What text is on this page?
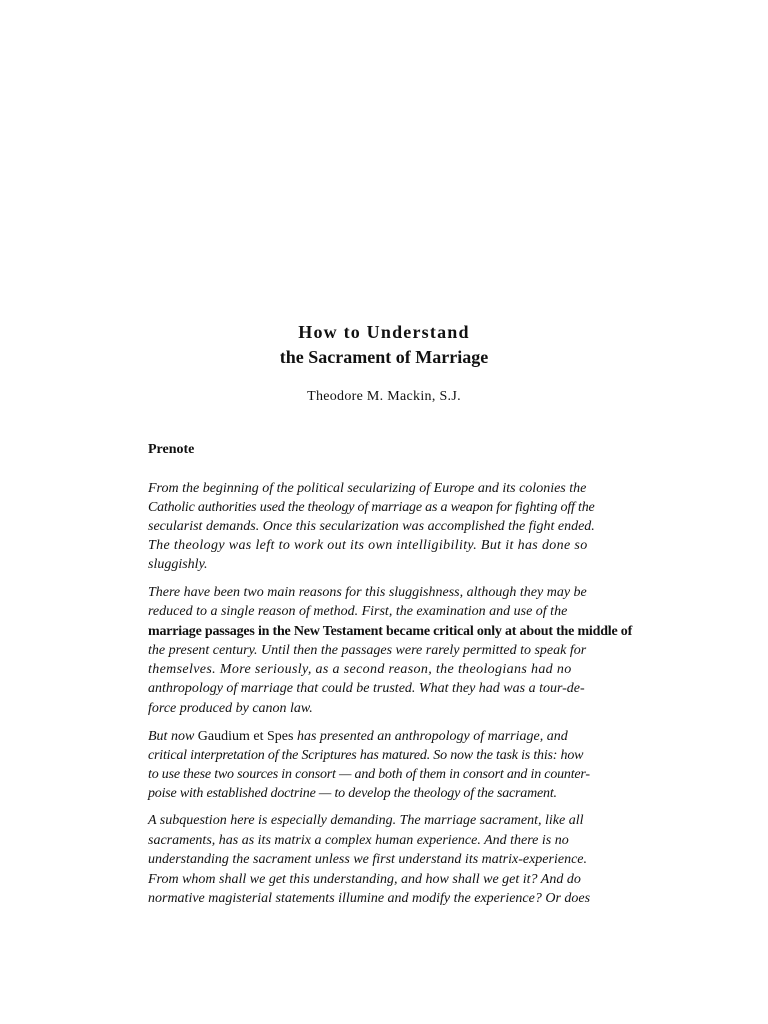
How to Understand
the Sacrament of Marriage

Theodore M. Mackin, S.J.

Prenote

From the beginning of the political secularizing of Europe and its colonies the
Catholic authorities used the theology of marriage as a weapon for fighting off the
secularist demands. Once this secularization was accomplished the fight ended.
The theology was left to work out its own intelligibility. But it has done so
sluggishly.

There have been two main reasons for this sluggishness, although they may be
reduced to a single reason of method. First, the examination and use of the
marriage passages in the New Testament became critical only at about the middle of
the present century. Until then the passages were rarely permitted to speak for
themselves. More seriously, as a second reason, the theologians had no
anthropology of marriage that could be trusted. What they had was a tour-de-
force produced by canon law.

But now Gaudium et Spes has presented an anthropology of marriage, and
critical interpretation of the Scriptures has matured. So now the task is this: how
to use these two sources in consort — and both of them in consort and in counter-
poise with established doctrine — to develop the theology of the sacrament.

A subquestion here is especially demanding. The marriage sacrament, like all
sacraments, has as its matrix a complex human experience. And there is no
understanding the sacrament unless we first understand its matrix-experience.
From whom shall we get this understanding, and how shall we get it? And do
normative magisterial statements illumine and modify the experience? Or does
